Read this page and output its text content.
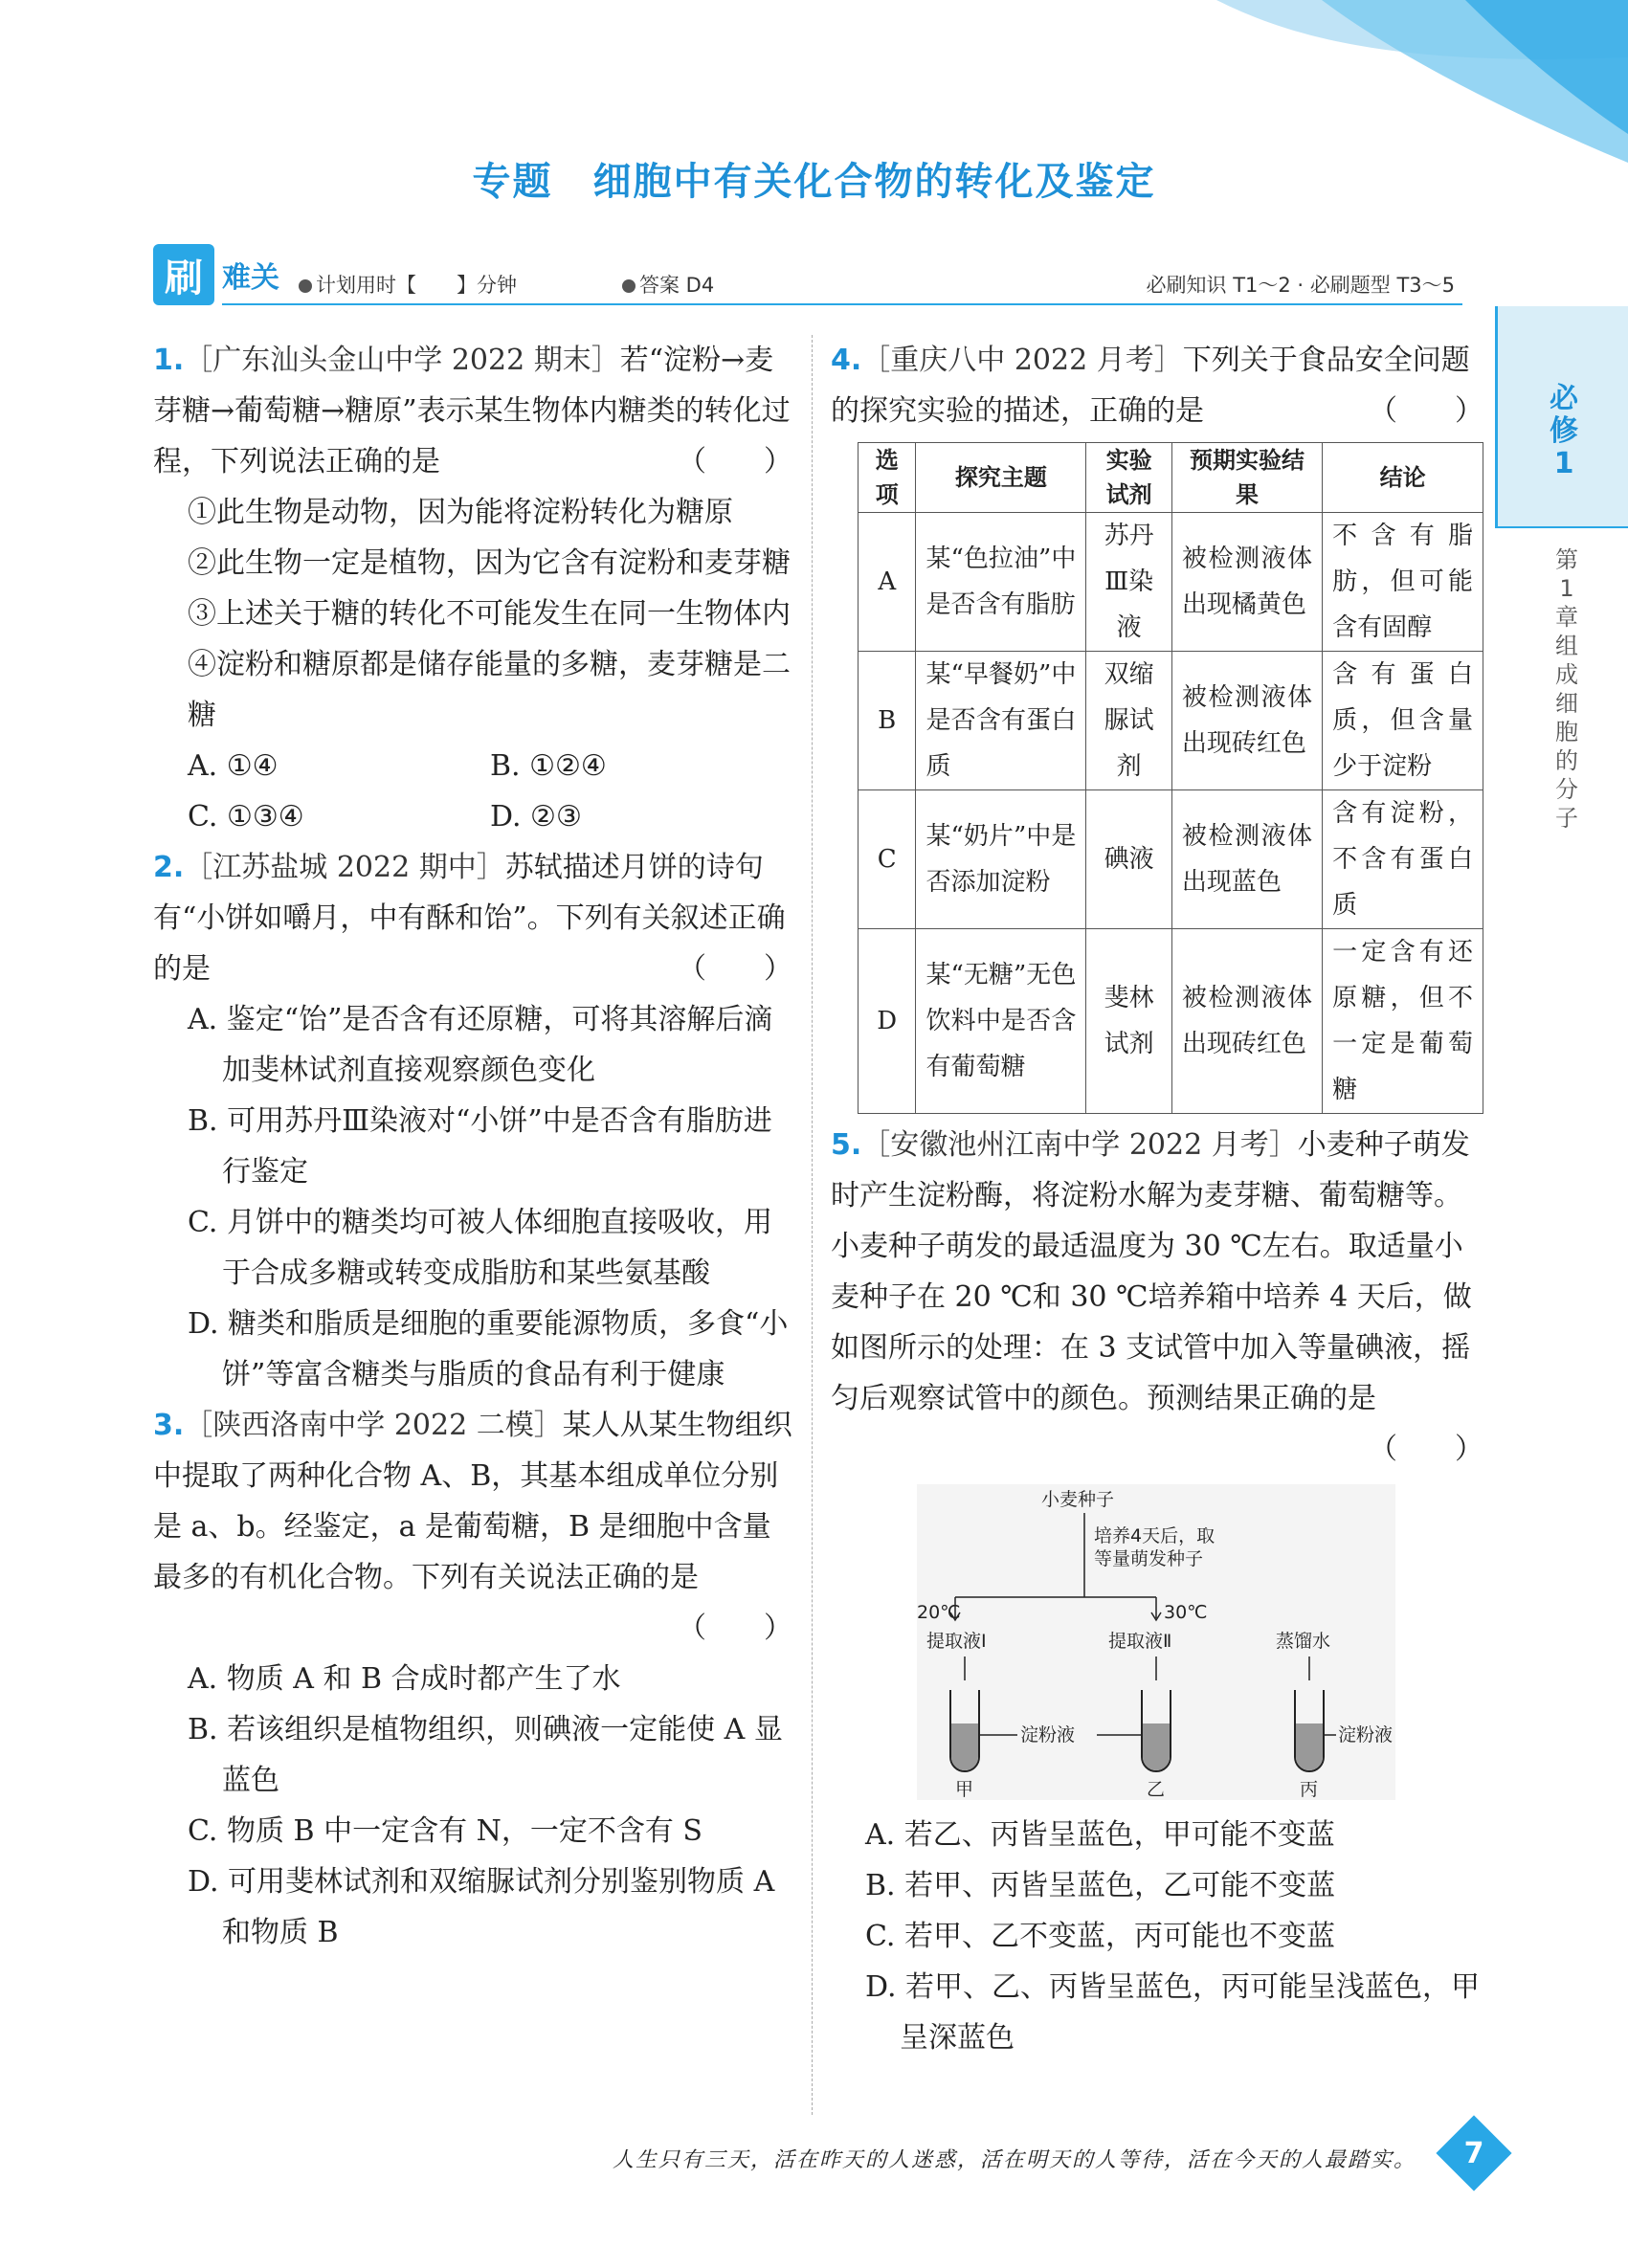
专题　细胞中有关化合物的转化及鉴定
刷 难关	计划用时【　　】分钟	答案 D4	必刷知识 T1～2 · 必刷题型 T3～5
必修1
第1章　组成细胞的分子

1.［广东汕头金山中学 2022 期末］若“淀粉→麦芽糖→葡萄糖→糖原”表示某生物体内糖类的转化过程，下列说法正确的是	（　　）

①此生物是动物，因为能将淀粉转化为糖原

②此生物一定是植物，因为它含有淀粉和麦芽糖

③上述关于糖的转化不可能发生在同一生物体内

④淀粉和糖原都是储存能量的多糖，麦芽糖是二糖

A. ①④	B. ①②④
C. ①③④	D. ②③

2.［江苏盐城 2022 期中］苏轼描述月饼的诗句有“小饼如嚼月，中有酥和饴”。下列有关叙述正确的是	（　　）

A. 鉴定“饴”是否含有还原糖，可将其溶解后滴加斐林试剂直接观察颜色变化

B. 可用苏丹Ⅲ染液对“小饼”中是否含有脂肪进行鉴定

C. 月饼中的糖类均可被人体细胞直接吸收，用于合成多糖或转变成脂肪和某些氨基酸

D. 糖类和脂质是细胞的重要能源物质，多食“小饼”等富含糖类与脂质的食品有利于健康

3.［陕西洛南中学 2022 二模］某人从某生物组织中提取了两种化合物 A、B，其基本组成单位分别是 a、b。经鉴定，a 是葡萄糖，B 是细胞中含量最多的有机化合物。下列有关说法正确的是
（　　）

A. 物质 A 和 B 合成时都产生了水

B. 若该组织是植物组织，则碘液一定能使 A 显蓝色

C. 物质 B 中一定含有 N，一定不含有 S

D. 可用斐林试剂和双缩脲试剂分别鉴别物质 A 和物质 B

4.［重庆八中 2022 月考］下列关于食品安全问题的探究实验的描述，正确的是	（　　）

选项	探究主题	实验试剂	预期实验结果	结论
A	某“色拉油”中是否含有脂肪	苏丹Ⅲ染液	被检测液体出现橘黄色	不含有脂肪，但可能含有固醇
B	某“早餐奶”中是否含有蛋白质	双缩脲试剂	被检测液体出现砖红色	含有蛋白质，但含量少于淀粉
C	某“奶片”中是否添加淀粉	碘液	被检测液体出现蓝色	含有淀粉，不含有蛋白质
D	某“无糖”无色饮料中是否含有葡萄糖	斐林试剂	被检测液体出现砖红色	一定含有还原糖，但不一定是葡萄糖

5.［安徽池州江南中学 2022 月考］小麦种子萌发时产生淀粉酶，将淀粉水解为麦芽糖、葡萄糖等。小麦种子萌发的最适温度为 30 ℃左右。取适量小麦种子在 20 ℃和 30 ℃培养箱中培养 4 天后，做如图所示的处理：在 3 支试管中加入等量碘液，摇匀后观察试管中的颜色。预测结果正确的是
（　　）

小麦种子
培养4天后，取
等量萌发种子
20℃	30℃
提取液Ⅰ	提取液Ⅱ	蒸馏水
淀粉液	淀粉液
甲	乙	丙

A. 若乙、丙皆呈蓝色，甲可能不变蓝

B. 若甲、丙皆呈蓝色，乙可能不变蓝

C. 若甲、乙不变蓝，丙可能也不变蓝

D. 若甲、乙、丙皆呈蓝色，丙可能呈浅蓝色，甲呈深蓝色

人生只有三天，活在昨天的人迷惑，活在明天的人等待，活在今天的人最踏实。	7
